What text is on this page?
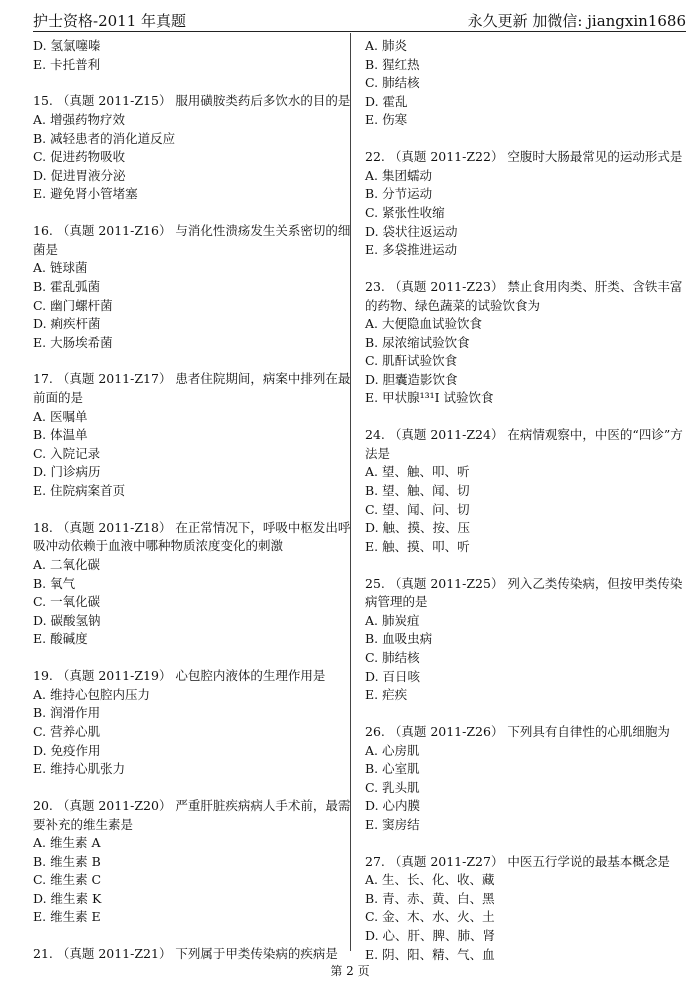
护士资格-2011 年真题	永久更新 加微信: jiangxin1686
D. 氢氯噻嗪
E. 卡托普利
15. （真题 2011-Z15） 服用磺胺类药后多饮水的目的是
A. 增强药物疗效
B. 减轻患者的消化道反应
C. 促进药物吸收
D. 促进胃液分泌
E. 避免肾小管堵塞
16. （真题 2011-Z16） 与消化性溃疡发生关系密切的细
菌是
A. 链球菌
B. 霍乱弧菌
C. 幽门螺杆菌
D. 痢疾杆菌
E. 大肠埃希菌
17. （真题 2011-Z17） 患者住院期间，病案中排列在最
前面的是
A. 医嘱单
B. 体温单
C. 入院记录
D. 门诊病历
E. 住院病案首页
18. （真题 2011-Z18） 在正常情况下，呼吸中枢发出呼
吸冲动依赖于血液中哪种物质浓度变化的刺激
A. 二氧化碳
B. 氧气
C. 一氧化碳
D. 碳酸氢钠
E. 酸碱度
19. （真题 2011-Z19） 心包腔内液体的生理作用是
A. 维持心包腔内压力
B. 润滑作用
C. 营养心肌
D. 免疫作用
E. 维持心肌张力
20. （真题 2011-Z20） 严重肝脏疾病病人手术前，最需
要补充的维生素是
A. 维生素 A
B. 维生素 B
C. 维生素 C
D. 维生素 K
E. 维生素 E
21. （真题 2011-Z21） 下列属于甲类传染病的疾病是
A. 肺炎
B. 猩红热
C. 肺结核
D. 霍乱
E. 伤寒
22. （真题 2011-Z22） 空腹时大肠最常见的运动形式是
A. 集团蠕动
B. 分节运动
C. 紧张性收缩
D. 袋状往返运动
E. 多袋推进运动
23. （真题 2011-Z23） 禁止食用肉类、肝类、含铁丰富
的药物、绿色蔬菜的试验饮食为
A. 大便隐血试验饮食
B. 尿浓缩试验饮食
C. 肌酐试验饮食
D. 胆囊造影饮食
E. 甲状腺¹³¹I 试验饮食
24. （真题 2011-Z24） 在病情观察中，中医的“四诊”方
法是
A. 望、触、叩、听
B. 望、触、闻、切
C. 望、闻、问、切
D. 触、摸、按、压
E. 触、摸、叩、听
25. （真题 2011-Z25） 列入乙类传染病，但按甲类传染
病管理的是
A. 肺炭疽
B. 血吸虫病
C. 肺结核
D. 百日咳
E. 疟疾
26. （真题 2011-Z26） 下列具有自律性的心肌细胞为
A. 心房肌
B. 心室肌
C. 乳头肌
D. 心内膜
E. 窦房结
27. （真题 2011-Z27） 中医五行学说的最基本概念是
A. 生、长、化、收、藏
B. 青、赤、黄、白、黑
C. 金、木、水、火、土
D. 心、肝、脾、肺、肾
E. 阴、阳、精、气、血
第 2 页
